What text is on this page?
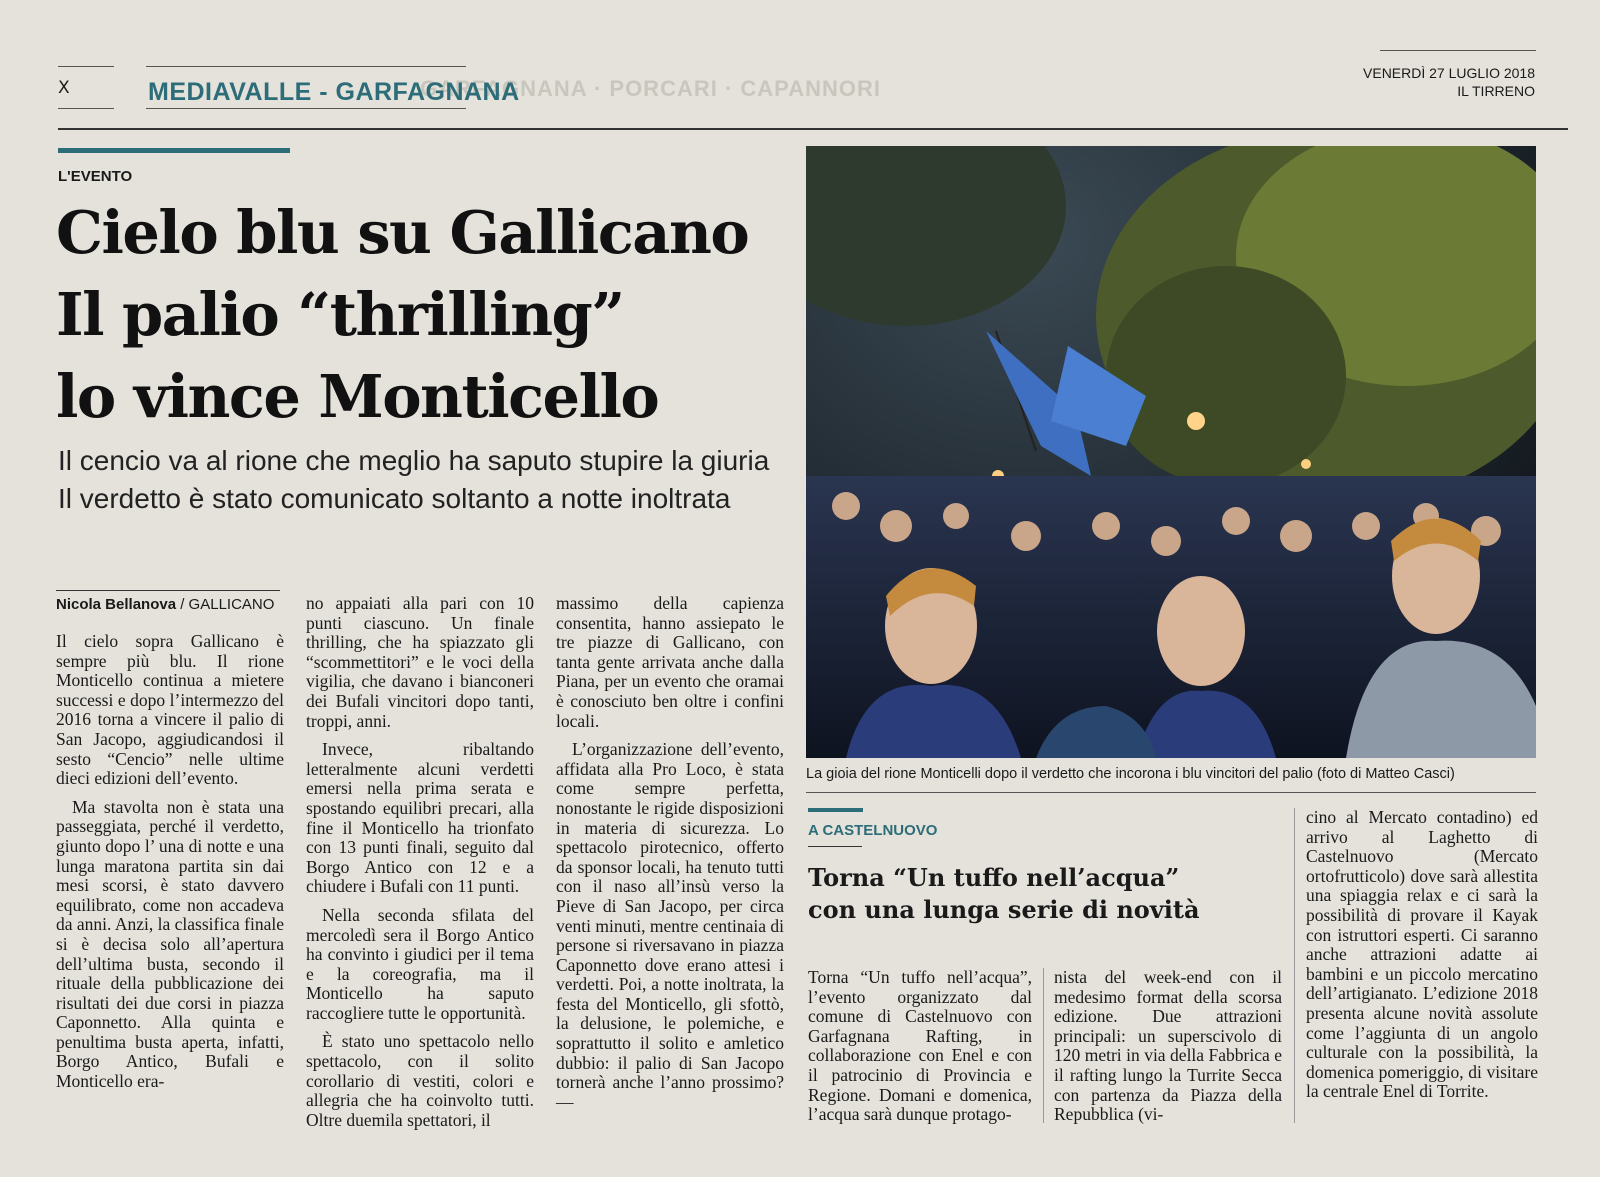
X	GARFAGNANA · PORCARI · CAPANNORI
MEDIAVALLE - GARFAGNANA
VENERDÌ 27 LUGLIO 2018
IL TIRRENO
L'EVENTO
Cielo blu su Gallicano
Il palio “thrilling”
lo vince Monticello
Il cencio va al rione che meglio ha saputo stupire la giuria
Il verdetto è stato comunicato soltanto a notte inoltrata
Nicola Bellanova / GALLICANO

Il cielo sopra Gallicano è sempre più blu. Il rione Monticello continua a mietere successi e dopo l’intermezzo del 2016 torna a vincere il palio di San Jacopo, aggiudicandosi il sesto “Cencio” nelle ultime dieci edizioni dell’evento.

Ma stavolta non è stata una passeggiata, perché il verdetto, giunto dopo l’ una di notte e una lunga maratona partita sin dai mesi scorsi, è stato davvero equilibrato, come non accadeva da anni. Anzi, la classifica finale si è decisa solo all’apertura dell’ultima busta, secondo il rituale della pubblicazione dei risultati dei due corsi in piazza Caponnetto. Alla quinta e penultima busta aperta, infatti, Borgo Antico, Bufali e Monticello era-

no appaiati alla pari con 10 punti ciascuno. Un finale thrilling, che ha spiazzato gli “scommettitori” e le voci della vigilia, che davano i bianconeri dei Bufali vincitori dopo tanti, troppi, anni.

Invece, ribaltando letteralmente alcuni verdetti emersi nella prima serata e spostando equilibri precari, alla fine il Monticello ha trionfato con 13 punti finali, seguito dal Borgo Antico con 12 e a chiudere i Bufali con 11 punti.

Nella seconda sfilata del mercoledì sera il Borgo Antico ha convinto i giudici per il tema e la coreografia, ma il Monticello ha saputo raccogliere tutte le opportunità.

È stato uno spettacolo nello spettacolo, con il solito corollario di vestiti, colori e allegria che ha coinvolto tutti. Oltre duemila spettatori, il

massimo della capienza consentita, hanno assiepato le tre piazze di Gallicano, con tanta gente arrivata anche dalla Piana, per un evento che oramai è conosciuto ben oltre i confini locali.

L’organizzazione dell’evento, affidata alla Pro Loco, è stata come sempre perfetta, nonostante le rigide disposizioni in materia di sicurezza. Lo spettacolo pirotecnico, offerto da sponsor locali, ha tenuto tutti con il naso all’insù verso la Pieve di San Jacopo, per circa venti minuti, mentre centinaia di persone si riversavano in piazza Caponnetto dove erano attesi i verdetti. Poi, a notte inoltrata, la festa del Monticello, gli sfottò, la delusione, le polemiche, e soprattutto il solito e amletico dubbio: il palio di San Jacopo tornerà anche l’anno prossimo? —

La gioia del rione Monticelli dopo il verdetto che incorona i blu vincitori del palio (foto di Matteo Casci)
A CASTELNUOVO
Torna “Un tuffo nell’acqua”
con una lunga serie di novità

Torna “Un tuffo nell’acqua”, l’evento organizzato dal comune di Castelnuovo con Garfagnana Rafting, in collaborazione con Enel e con il patrocinio di Provincia e Regione. Domani e domenica, l’acqua sarà dunque protago-

nista del week-end con il medesimo format della scorsa edizione. Due attrazioni principali: un superscivolo di 120 metri in via della Fabbrica e il rafting lungo la Turrite Secca con partenza da Piazza della Repubblica (vi-

cino al Mercato contadino) ed arrivo al Laghetto di Castelnuovo (Mercato ortofrutticolo) dove sarà allestita una spiaggia relax e ci sarà la possibilità di provare il Kayak con istruttori esperti. Ci saranno anche attrazioni adatte ai bambini e un piccolo mercatino dell’artigianato. L’edizione 2018 presenta alcune novità assolute come l’aggiunta di un angolo culturale con la possibilità, la domenica pomeriggio, di visitare la centrale Enel di Torrite.
